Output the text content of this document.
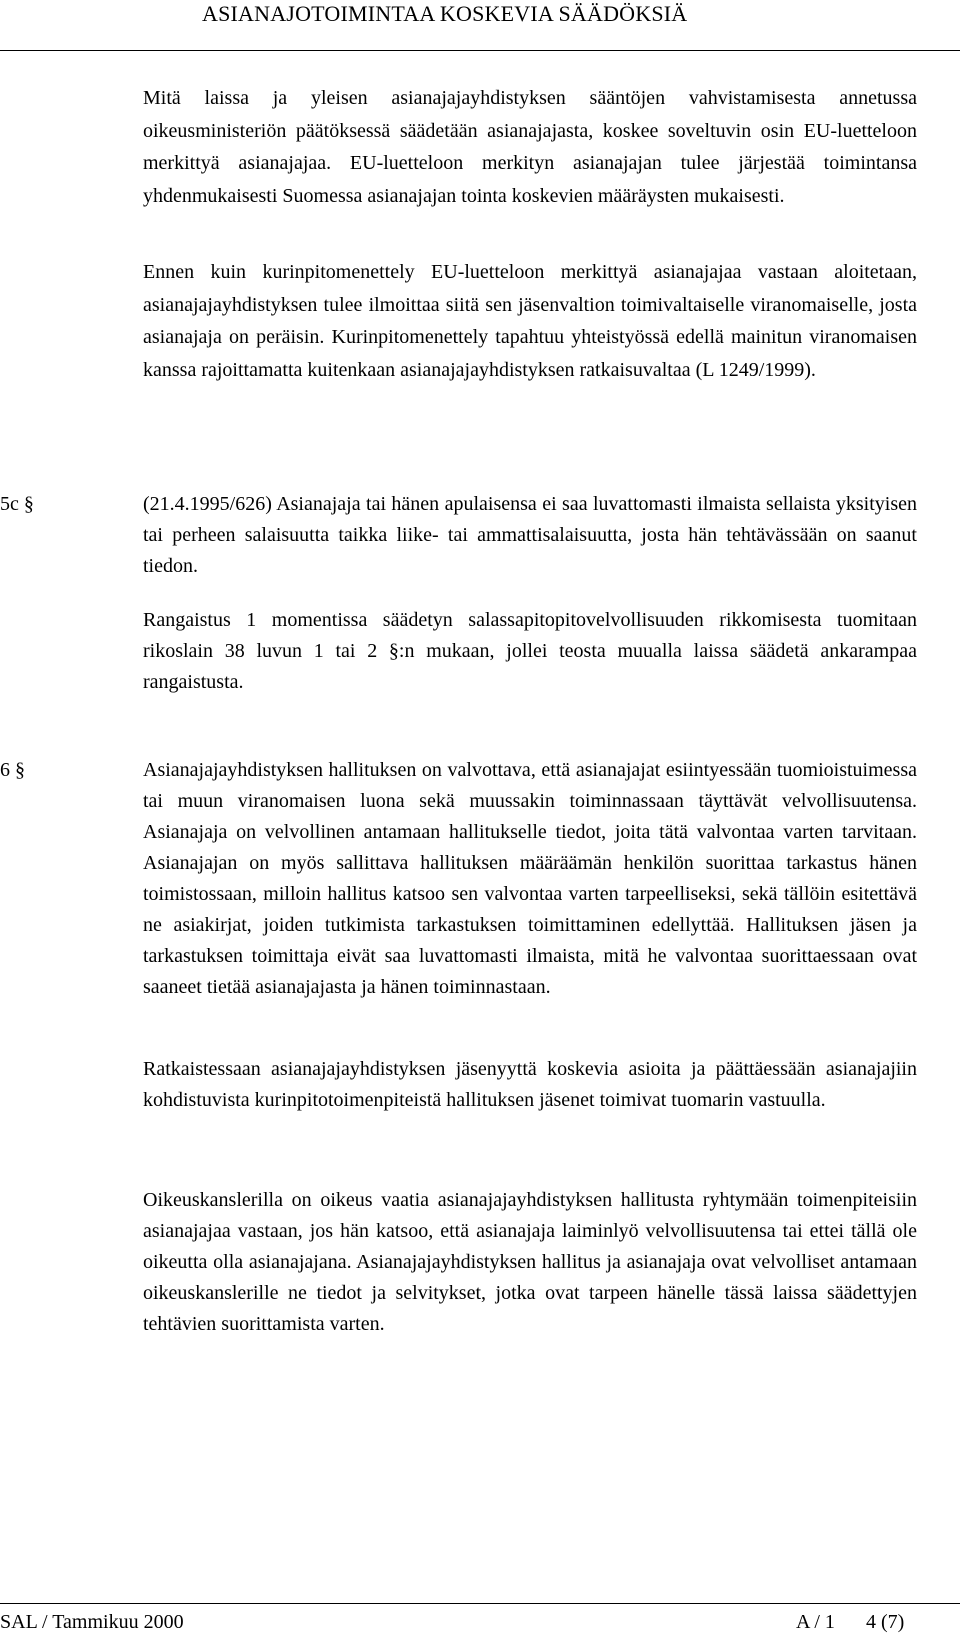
ASIANAJOTOIMINTAA KOSKEVIA SÄÄDÖKSIÄ

Mitä laissa ja yleisen asianajajayhdistyksen sääntöjen vahvistamisesta annetussa oikeusministeriön päätöksessä säädetään asianajajasta, koskee soveltuvin osin EU-luetteloon merkittyä asianajajaa. EU-luetteloon merkityn asianajajan tulee järjestää toimintansa yhdenmukaisesti Suomessa asianajajan tointa koskevien määräysten mukaisesti.

Ennen kuin kurinpitomenettely EU-luetteloon merkittyä asianajajaa vastaan aloitetaan, asianajajayhdistyksen tulee ilmoittaa siitä sen jäsenvaltion toimivaltaiselle viranomaiselle, josta asianajaja on peräisin. Kurinpitomenettely tapahtuu yhteistyössä edellä mainitun viranomaisen kanssa rajoittamatta kuitenkaan asianajajayhdistyksen ratkaisuvaltaa (L 1249/1999).

5c §	(21.4.1995/626) Asianajaja tai hänen apulaisensa ei saa luvattomasti ilmaista sellaista yksityisen tai perheen salaisuutta taikka liike- tai ammattisalaisuutta, josta hän tehtävässään on saanut tiedon.

Rangaistus 1 momentissa säädetyn salassapitopitovelvollisuuden rikkomisesta tuomitaan rikoslain 38 luvun 1 tai 2 §:n mukaan, jollei teosta muualla laissa säädetä ankarampaa rangaistusta.

6 §	Asianajajayhdistyksen hallituksen on valvottava, että asianajajat esiintyessään tuomioistuimessa tai muun viranomaisen luona sekä muussakin toiminnassaan täyttävät velvollisuutensa. Asianajaja on velvollinen antamaan hallitukselle tiedot, joita tätä valvontaa varten tarvitaan. Asianajajan on myös sallittava hallituksen määräämän henkilön suorittaa tarkastus hänen toimistossaan, milloin hallitus katsoo sen valvontaa varten tarpeelliseksi, sekä tällöin esitettävä ne asiakirjat, joiden tutkimista tarkastuksen toimittaminen edellyttää. Hallituksen jäsen ja tarkastuksen toimittaja eivät saa luvattomasti ilmaista, mitä he valvontaa suorittaessaan ovat saaneet tietää asianajajasta ja hänen toiminnastaan.

Ratkaistessaan asianajajayhdistyksen jäsenyyttä koskevia asioita ja päättäessään asianajajiin kohdistuvista kurinpitotoimenpiteistä hallituksen jäsenet toimivat tuomarin vastuulla.

Oikeuskanslerilla on oikeus vaatia asianajajayhdistyksen hallitusta ryhtymään toimenpiteisiin asianajajaa vastaan, jos hän katsoo, että asianajaja laiminlyö velvollisuutensa tai ettei tällä ole oikeutta olla asianajajana. Asianajajayhdistyksen hallitus ja asianajaja ovat velvolliset antamaan oikeuskanslerille ne tiedot ja selvitykset, jotka ovat tarpeen hänelle tässä laissa säädettyjen tehtävien suorittamista varten.

SAL / Tammikuu 2000	A / 1 4 (7)
